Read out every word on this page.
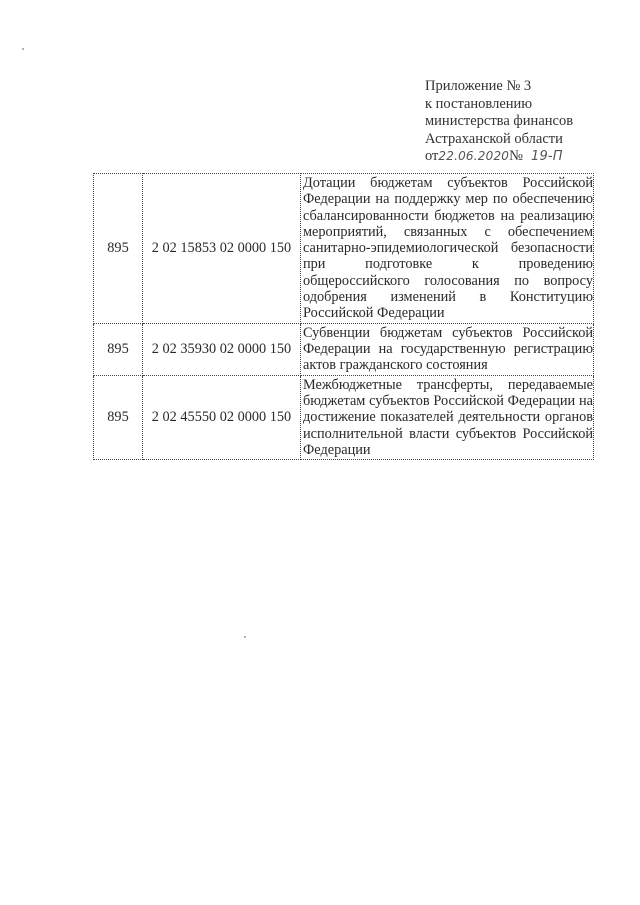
Приложение № 3
к постановлению
министерства финансов
Астраханской области
от22.06.2020№ 19-П
895	2 02 15853 02 0000 150	Дотации бюджетам субъектов Российской Федерации на поддержку мер по обеспечению сбалансированности бюджетов на реализацию мероприятий, связанных с обеспечением санитарно-эпидемиологической безопасности при подготовке к проведению общероссийского голосования по вопросу одобрения изменений в Конституцию Российской Федерации
895	2 02 35930 02 0000 150	Субвенции бюджетам субъектов Российской Федерации на государственную регистрацию актов гражданского состояния
895	2 02 45550 02 0000 150	Межбюджетные трансферты, передаваемые бюджетам субъектов Российской Федерации на достижение показателей деятельности органов исполнительной власти субъектов Российской Федерации
